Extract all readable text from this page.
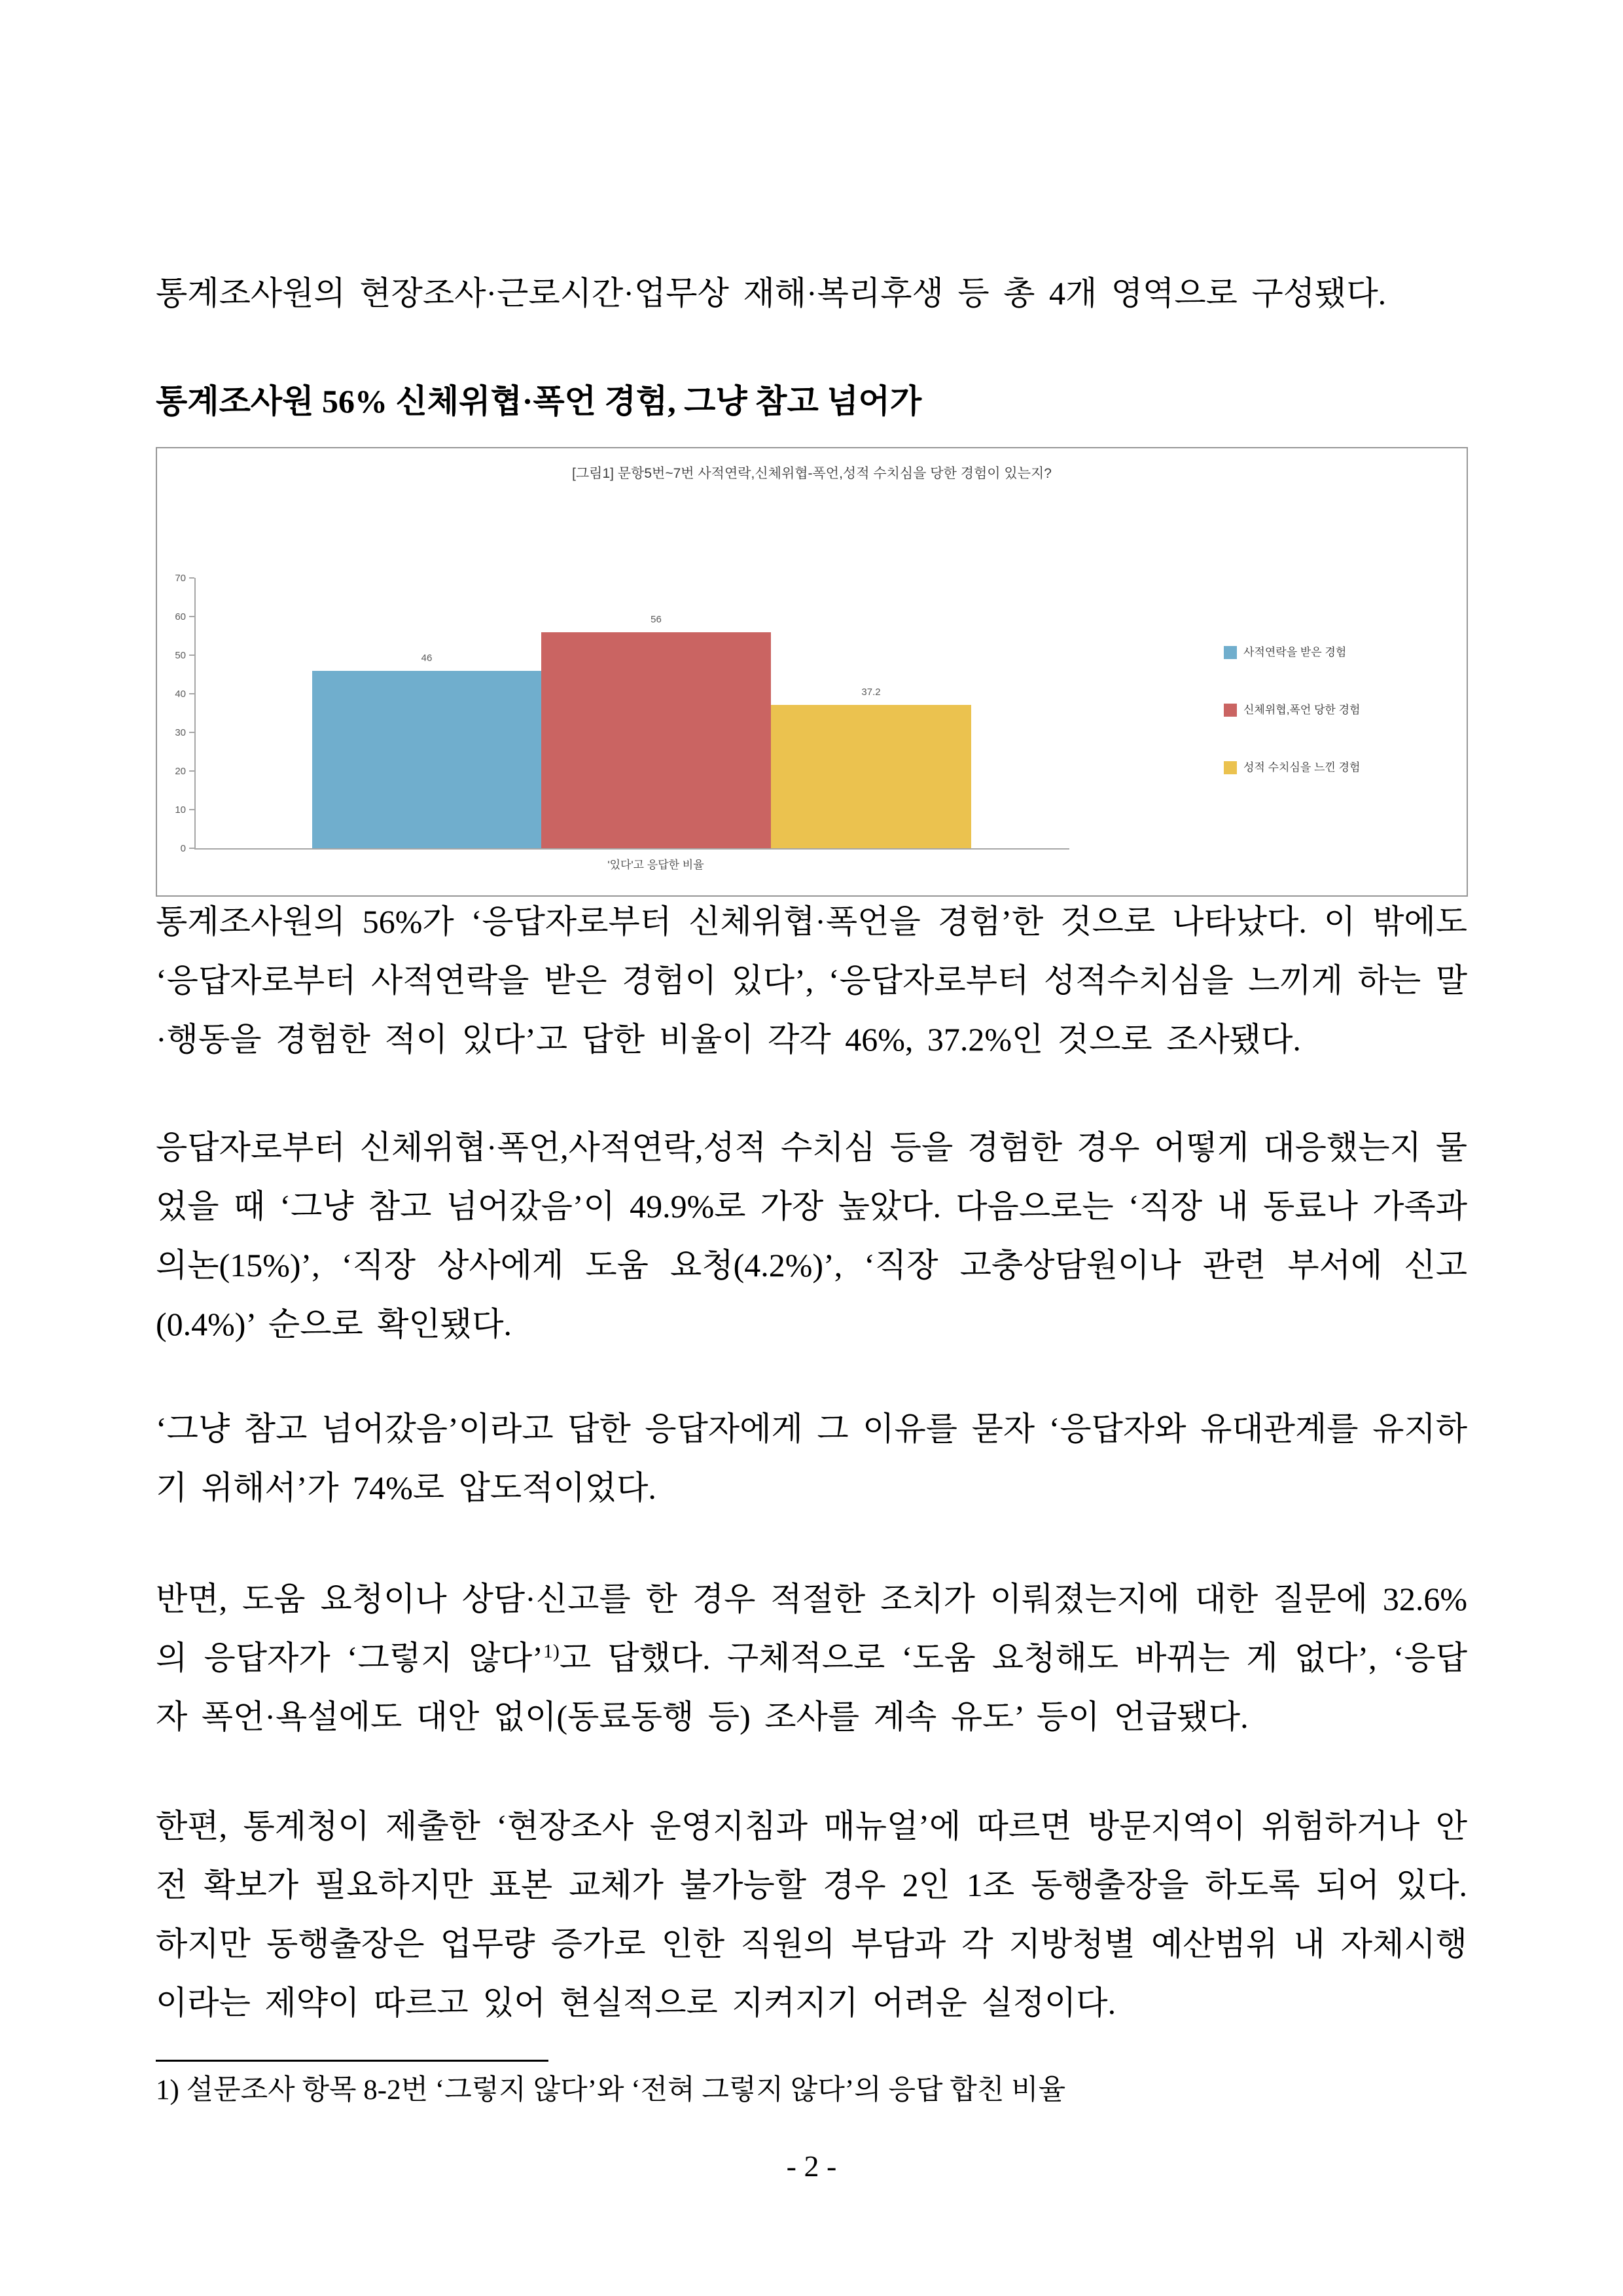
통계조사원의 현장조사·근로시간·업무상 재해·복리후생 등 총 4개 영역으로 구성됐다.

통계조사원 56% 신체위협·폭언 경험, 그냥 참고 넘어가
[그림1] 문항5번~7번 사적연락,신체위협-폭언,성적 수치심을 당한 경험이 있는지?
0
10
20
30
40
50
60
70
46
56
37.2
'있다'고 응답한 비율
사적연락을 받은 경험
신체위협,폭언 당한 경험
성적 수치심을 느낀 경험

통계조사원의 56%가 ‘응답자로부터 신체위협·폭언을 경험’한 것으로 나타났다. 이 밖에도 ‘응답자로부터 사적연락을 받은 경험이 있다’, ‘응답자로부터 성적수치심을 느끼게 하는 말·행동을 경험한 적이 있다’고 답한 비율이 각각 46%, 37.2%인 것으로 조사됐다.

응답자로부터 신체위협·폭언,사적연락,성적 수치심 등을 경험한 경우 어떻게 대응했는지 물었을 때 ‘그냥 참고 넘어갔음’이 49.9%로 가장 높았다. 다음으로는 ‘직장 내 동료나 가족과 의논(15%)’, ‘직장 상사에게 도움 요청(4.2%)’, ‘직장 고충상담원이나 관련 부서에 신고(0.4%)’ 순으로 확인됐다.

‘그냥 참고 넘어갔음’이라고 답한 응답자에게 그 이유를 묻자 ‘응답자와 유대관계를 유지하기 위해서’가 74%로 압도적이었다.

반면, 도움 요청이나 상담·신고를 한 경우 적절한 조치가 이뤄졌는지에 대한 질문에 32.6%의 응답자가 ‘그렇지 않다’$^{1)}$고 답했다. 구체적으로 ‘도움 요청해도 바뀌는 게 없다’, ‘응답자 폭언·욕설에도 대안 없이(동료동행 등) 조사를 계속 유도’ 등이 언급됐다.

한편, 통계청이 제출한 ‘현장조사 운영지침과 매뉴얼’에 따르면 방문지역이 위험하거나 안전 확보가 필요하지만 표본 교체가 불가능할 경우 2인 1조 동행출장을 하도록 되어 있다. 하지만 동행출장은 업무량 증가로 인한 직원의 부담과 각 지방청별 예산범위 내 자체시행이라는 제약이 따르고 있어 현실적으로 지켜지기 어려운 실정이다.

1) 설문조사 항목 8-2번 ‘그렇지 않다’와 ‘전혀 그렇지 않다’의 응답 합친 비율

- 2 -
